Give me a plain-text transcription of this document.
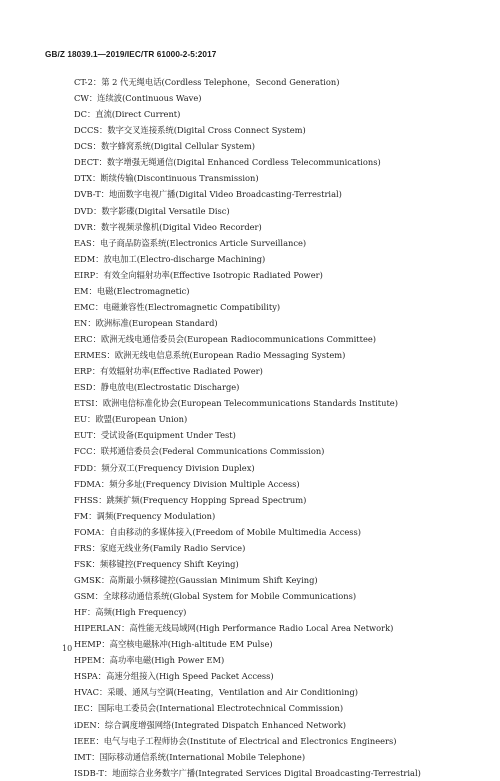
GB/Z 18039.1—2019/IEC/TR 61000-2-5:2017
CT-2：第 2 代无绳电话(Cordless Telephone，Second Generation)
CW：连续波(Continuous Wave)
DC：直流(Direct Current)
DCCS：数字交叉连接系统(Digital Cross Connect System)
DCS：数字蜂窝系统(Digital Cellular System)
DECT：数字增强无绳通信(Digital Enhanced Cordless Telecommunications)
DTX：断续传输(Discontinuous Transmission)
DVB-T：地面数字电视广播(Digital Video Broadcasting-Terrestrial)
DVD：数字影碟(Digital Versatile Disc)
DVR：数字视频录像机(Digital Video Recorder)
EAS：电子商品防盗系统(Electronics Article Surveillance)
EDM：放电加工(Electro-discharge Machining)
EIRP：有效全向辐射功率(Effective Isotropic Radiated Power)
EM：电磁(Electromagnetic)
EMC：电磁兼容性(Electromagnetic Compatibility)
EN：欧洲标准(European Standard)
ERC：欧洲无线电通信委员会(European Radiocommunications Committee)
ERMES：欧洲无线电信息系统(European Radio Messaging System)
ERP：有效辐射功率(Effective Radiated Power)
ESD：静电放电(Electrostatic Discharge)
ETSI：欧洲电信标准化协会(European Telecommunications Standards Institute)
EU：欧盟(European Union)
EUT：受试设备(Equipment Under Test)
FCC：联邦通信委员会(Federal Communications Commission)
FDD：频分双工(Frequency Division Duplex)
FDMA：频分多址(Frequency Division Multiple Access)
FHSS：跳频扩频(Frequency Hopping Spread Spectrum)
FM：调频(Frequency Modulation)
FOMA：自由移动的多媒体接入(Freedom of Mobile Multimedia Access)
FRS：家庭无线业务(Family Radio Service)
FSK：频移键控(Frequency Shift Keying)
GMSK：高斯最小频移键控(Gaussian Minimum Shift Keying)
GSM：全球移动通信系统(Global System for Mobile Communications)
HF：高频(High Frequency)
HIPERLAN：高性能无线局域网(High Performance Radio Local Area Network)
HEMP：高空核电磁脉冲(High-altitude EM Pulse)
HPEM：高功率电磁(High Power EM)
HSPA：高速分组接入(High Speed Packet Access)
HVAC：采暖、通风与空调(Heating，Ventilation and Air Conditioning)
IEC：国际电工委员会(International Electrotechnical Commission)
iDEN：综合调度增强网络(Integrated Dispatch Enhanced Network)
IEEE：电气与电子工程师协会(Institute of Electrical and Electronics Engineers)
IMT：国际移动通信系统(International Mobile Telephone)
ISDB-T：地面综合业务数字广播(Integrated Services Digital Broadcasting-Terrestrial)
10
